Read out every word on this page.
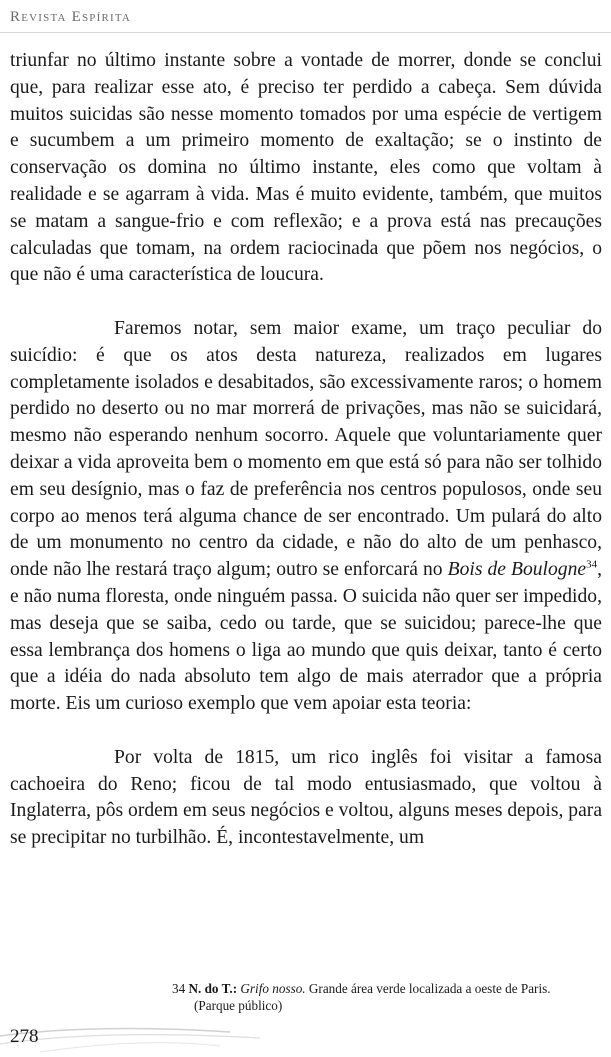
Revista Espírita

triunfar no último instante sobre a vontade de morrer, donde se conclui que, para realizar esse ato, é preciso ter perdido a cabeça. Sem dúvida muitos suicidas são nesse momento tomados por uma espécie de vertigem e sucumbem a um primeiro momento de exaltação; se o instinto de conservação os domina no último instante, eles como que voltam à realidade e se agarram à vida. Mas é muito evidente, também, que muitos se matam a sangue-frio e com reflexão; e a prova está nas precauções calculadas que tomam, na ordem raciocinada que põem nos negócios, o que não é uma característica de loucura.

Faremos notar, sem maior exame, um traço peculiar do suicídio: é que os atos desta natureza, realizados em lugares completamente isolados e desabitados, são excessivamente raros; o homem perdido no deserto ou no mar morrerá de privações, mas não se suicidará, mesmo não esperando nenhum socorro. Aquele que voluntariamente quer deixar a vida aproveita bem o momento em que está só para não ser tolhido em seu desígnio, mas o faz de preferência nos centros populosos, onde seu corpo ao menos terá alguma chance de ser encontrado. Um pulará do alto de um monumento no centro da cidade, e não do alto de um penhasco, onde não lhe restará traço algum; outro se enforcará no Bois de Boulogne$^{34}$, e não numa floresta, onde ninguém passa. O suicida não quer ser impedido, mas deseja que se saiba, cedo ou tarde, que se suicidou; parece-lhe que essa lembrança dos homens o liga ao mundo que quis deixar, tanto é certo que a idéia do nada absoluto tem algo de mais aterrador que a própria morte. Eis um curioso exemplo que vem apoiar esta teoria:

Por volta de 1815, um rico inglês foi visitar a famosa cachoeira do Reno; ficou de tal modo entusiasmado, que voltou à Inglaterra, pôs ordem em seus negócios e voltou, alguns meses depois, para se precipitar no turbilhão. É, incontestavelmente, um

34 N. do T.: Grifo nosso. Grande área verde localizada a oeste de Paris.
(Parque público)
278
